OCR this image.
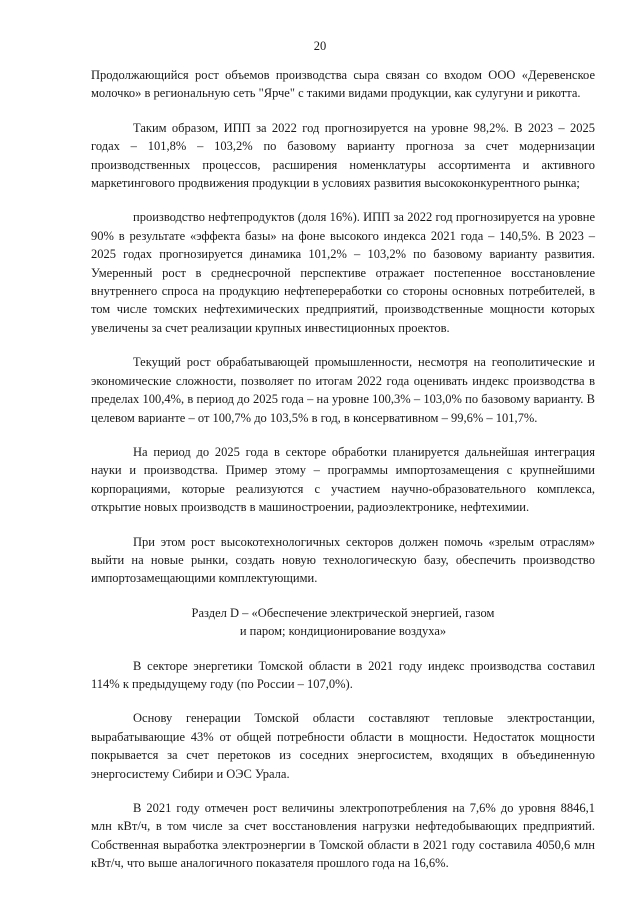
20

Продолжающийся рост объемов производства сыра связан со входом ООО «Деревенское молочко» в региональную сеть "Ярче" с такими видами продукции, как сулугуни и рикотта.

Таким образом, ИПП за 2022 год прогнозируется на уровне 98,2%. В 2023 – 2025 годах – 101,8% – 103,2% по базовому варианту прогноза за счет модернизации производственных процессов, расширения номенклатуры ассортимента и активного маркетингового продвижения продукции в условиях развития высококонкурентного рынка;

производство нефтепродуктов (доля 16%). ИПП за 2022 год прогнозируется на уровне 90% в результате «эффекта базы» на фоне высокого индекса 2021 года – 140,5%. В 2023 – 2025 годах прогнозируется динамика 101,2% – 103,2% по базовому варианту развития. Умеренный рост в среднесрочной перспективе отражает постепенное восстановление внутреннего спроса на продукцию нефтепереработки со стороны основных потребителей, в том числе томских нефтехимических предприятий, производственные мощности которых увеличены за счет реализации крупных инвестиционных проектов.

Текущий рост обрабатывающей промышленности, несмотря на геополитические и экономические сложности, позволяет по итогам 2022 года оценивать индекс производства в пределах 100,4%, в период до 2025 года – на уровне 100,3% – 103,0% по базовому варианту. В целевом варианте – от 100,7% до 103,5% в год, в консервативном – 99,6% – 101,7%.

На период до 2025 года в секторе обработки планируется дальнейшая интеграция науки и производства. Пример этому – программы импортозамещения с крупнейшими корпорациями, которые реализуются с участием научно-образовательного комплекса, открытие новых производств в машиностроении, радиоэлектронике, нефтехимии.

При этом рост высокотехнологичных секторов должен помочь «зрелым отраслям» выйти на новые рынки, создать новую технологическую базу, обеспечить производство импортозамещающими комплектующими.

Раздел D – «Обеспечение электрической энергией, газом
и паром; кондиционирование воздуха»

В секторе энергетики Томской области в 2021 году индекс производства составил 114% к предыдущему году (по России – 107,0%).

Основу генерации Томской области составляют тепловые электростанции, вырабатывающие 43% от общей потребности области в мощности. Недостаток мощности покрывается за счет перетоков из соседних энергосистем, входящих в объединенную энергосистему Сибири и ОЭС Урала.

В 2021 году отмечен рост величины электропотребления на 7,6% до уровня 8846,1 млн кВт/ч, в том числе за счет восстановления нагрузки нефтедобывающих предприятий. Собственная выработка электроэнергии в Томской области в 2021 году составила 4050,6 млн кВт/ч, что выше аналогичного показателя прошлого года на 16,6%.
